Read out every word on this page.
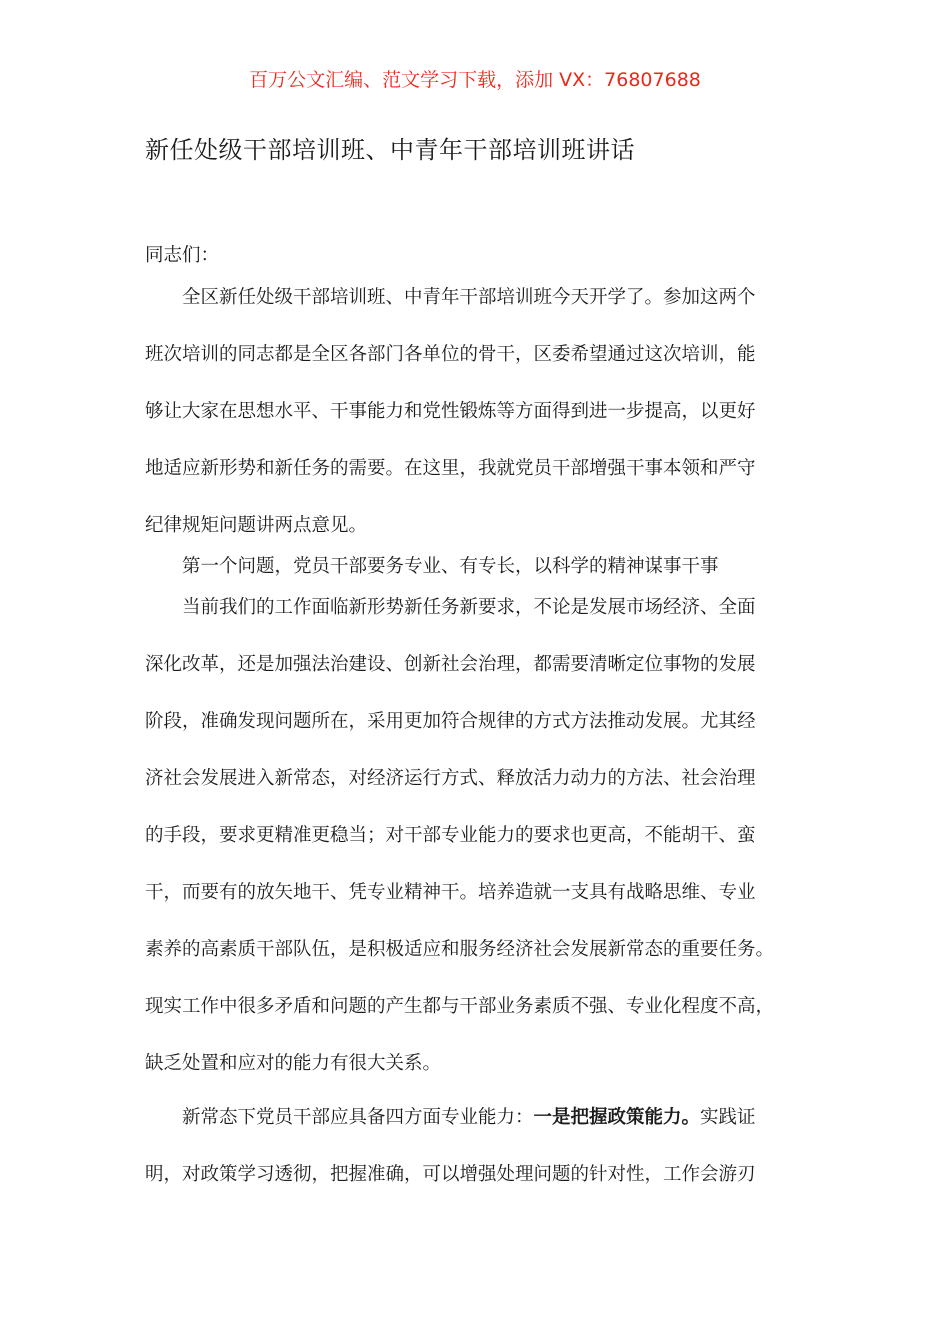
百万公文汇编、范文学习下载，添加 VX：76807688
新任处级干部培训班、中青年干部培训班讲话
同志们：
全区新任处级干部培训班、中青年干部培训班今天开学了。参加这两个
班次培训的同志都是全区各部门各单位的骨干，区委希望通过这次培训，能
够让大家在思想水平、干事能力和党性锻炼等方面得到进一步提高，以更好
地适应新形势和新任务的需要。在这里，我就党员干部增强干事本领和严守
纪律规矩问题讲两点意见。
第一个问题，党员干部要务专业、有专长，以科学的精神谋事干事
当前我们的工作面临新形势新任务新要求，不论是发展市场经济、全面
深化改革，还是加强法治建设、创新社会治理，都需要清晰定位事物的发展
阶段，准确发现问题所在，采用更加符合规律的方式方法推动发展。尤其经
济社会发展进入新常态，对经济运行方式、释放活力动力的方法、社会治理
的手段，要求更精准更稳当；对干部专业能力的要求也更高，不能胡干、蛮
干，而要有的放矢地干、凭专业精神干。培养造就一支具有战略思维、专业
素养的高素质干部队伍，是积极适应和服务经济社会发展新常态的重要任务。
现实工作中很多矛盾和问题的产生都与干部业务素质不强、专业化程度不高，
缺乏处置和应对的能力有很大关系。
新常态下党员干部应具备四方面专业能力：一是把握政策能力。实践证
明，对政策学习透彻，把握准确，可以增强处理问题的针对性，工作会游刃
